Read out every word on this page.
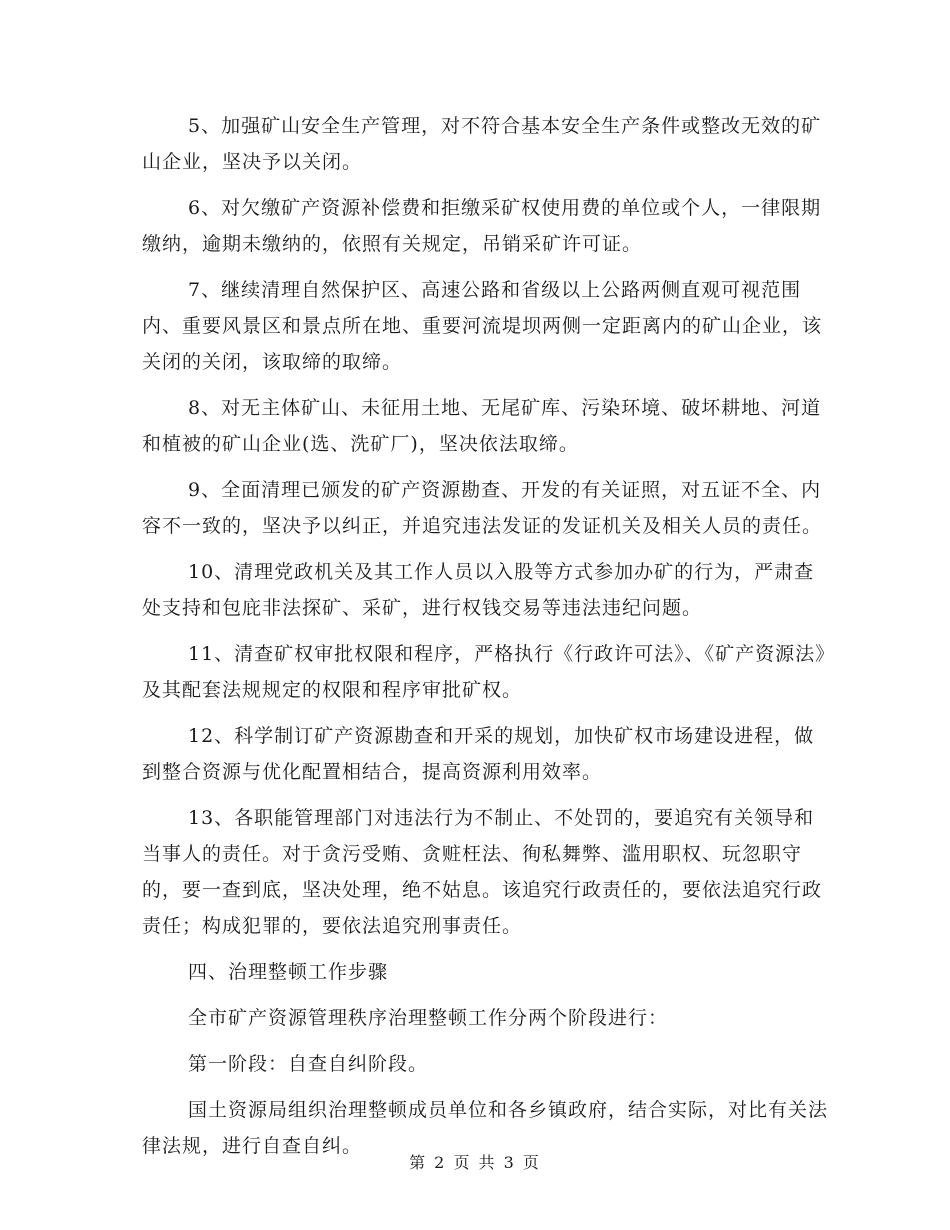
5、加强矿山安全生产管理，对不符合基本安全生产条件或整改无效的矿山企业，坚决予以关闭。

6、对欠缴矿产资源补偿费和拒缴采矿权使用费的单位或个人，一律限期缴纳，逾期未缴纳的，依照有关规定，吊销采矿许可证。

7、继续清理自然保护区、高速公路和省级以上公路两侧直观可视范围内、重要风景区和景点所在地、重要河流堤坝两侧一定距离内的矿山企业，该关闭的关闭，该取缔的取缔。

8、对无主体矿山、未征用土地、无尾矿库、污染环境、破坏耕地、河道和植被的矿山企业(选、洗矿厂)，坚决依法取缔。

9、全面清理已颁发的矿产资源勘查、开发的有关证照，对五证不全、内容不一致的，坚决予以纠正，并追究违法发证的发证机关及相关人员的责任。

10、清理党政机关及其工作人员以入股等方式参加办矿的行为，严肃查处支持和包庇非法探矿、采矿，进行权钱交易等违法违纪问题。

11、清查矿权审批权限和程序，严格执行《行政许可法》、《矿产资源法》及其配套法规规定的权限和程序审批矿权。

12、科学制订矿产资源勘查和开采的规划，加快矿权市场建设进程，做到整合资源与优化配置相结合，提高资源利用效率。

13、各职能管理部门对违法行为不制止、不处罚的，要追究有关领导和当事人的责任。对于贪污受贿、贪赃枉法、徇私舞弊、滥用职权、玩忽职守的，要一查到底，坚决处理，绝不姑息。该追究行政责任的，要依法追究行政责任；构成犯罪的，要依法追究刑事责任。

四、治理整顿工作步骤

全市矿产资源管理秩序治理整顿工作分两个阶段进行：

第一阶段：自查自纠阶段。

国土资源局组织治理整顿成员单位和各乡镇政府，结合实际，对比有关法律法规，进行自查自纠。

第 2 页 共 3 页
